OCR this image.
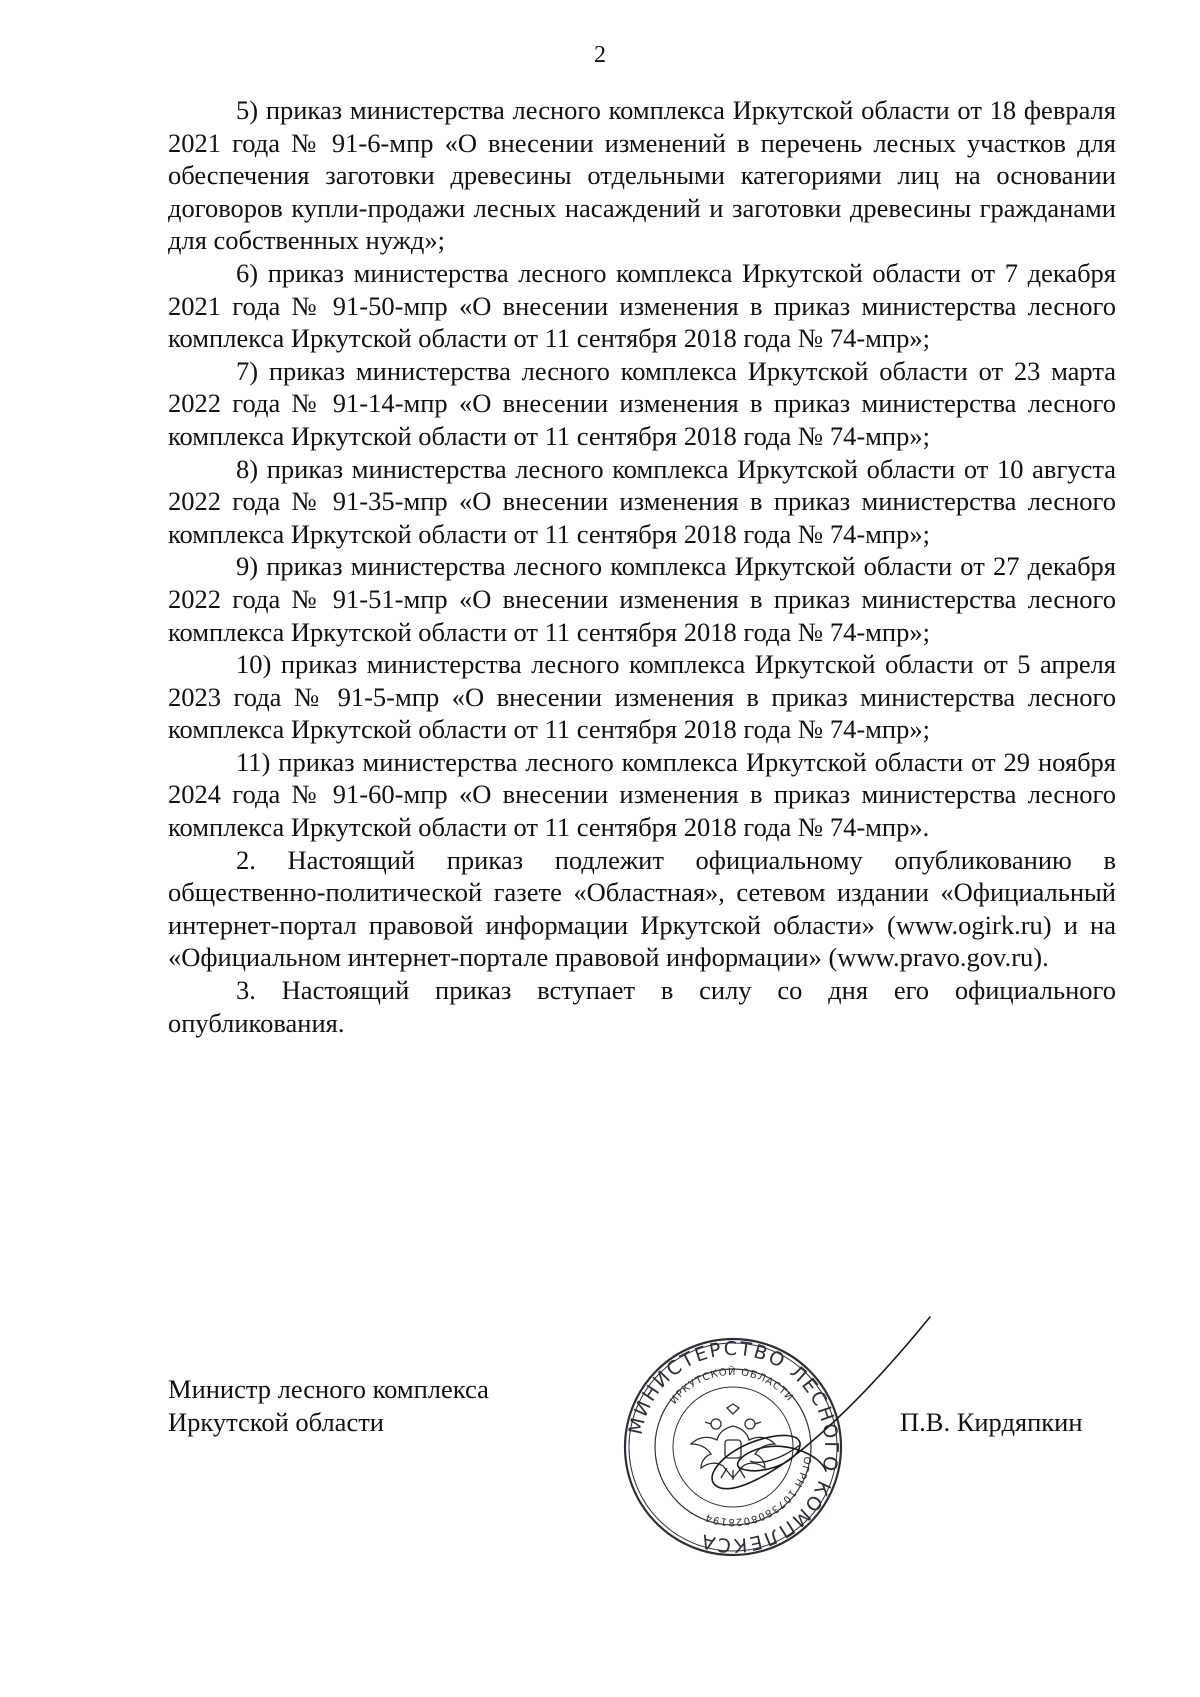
2

5) приказ министерства лесного комплекса Иркутской области от 18 февраля 2021 года № 91-6-мпр «О внесении изменений в перечень лесных участков для обеспечения заготовки древесины отдельными категориями лиц на основании договоров купли-продажи лесных насаждений и заготовки древесины гражданами для собственных нужд»;

6) приказ министерства лесного комплекса Иркутской области от 7 декабря 2021 года № 91-50-мпр «О внесении изменения в приказ министерства лесного комплекса Иркутской области от 11 сентября 2018 года № 74-мпр»;

7) приказ министерства лесного комплекса Иркутской области от 23 марта 2022 года № 91-14-мпр «О внесении изменения в приказ министерства лесного комплекса Иркутской области от 11 сентября 2018 года № 74-мпр»;

8) приказ министерства лесного комплекса Иркутской области от 10 августа 2022 года № 91-35-мпр «О внесении изменения в приказ министерства лесного комплекса Иркутской области от 11 сентября 2018 года № 74-мпр»;

9) приказ министерства лесного комплекса Иркутской области от 27 декабря 2022 года № 91-51-мпр «О внесении изменения в приказ министерства лесного комплекса Иркутской области от 11 сентября 2018 года № 74-мпр»;

10) приказ министерства лесного комплекса Иркутской области от 5 апреля 2023 года № 91-5-мпр «О внесении изменения в приказ министерства лесного комплекса Иркутской области от 11 сентября 2018 года № 74-мпр»;

11) приказ министерства лесного комплекса Иркутской области от 29 ноября 2024 года № 91-60-мпр «О внесении изменения в приказ министерства лесного комплекса Иркутской области от 11 сентября 2018 года № 74-мпр».

2. Настоящий приказ подлежит официальному опубликованию в общественно-политической газете «Областная», сетевом издании «Официальный интернет-портал правовой информации Иркутской области» (www.ogirk.ru) и на «Официальном интернет-портале правовой информации» (www.pravo.gov.ru).

3. Настоящий приказ вступает в силу со дня его официального опубликования.

Министр лесного комплекса
Иркутской области	МИНИСТЕРСТВО ЛЕСНОГО КОМПЛЕКСА
ИРКУТСКОЙ ОБЛАСТИ
ОГРН 1073808028194
П.В. Кирдяпкин
